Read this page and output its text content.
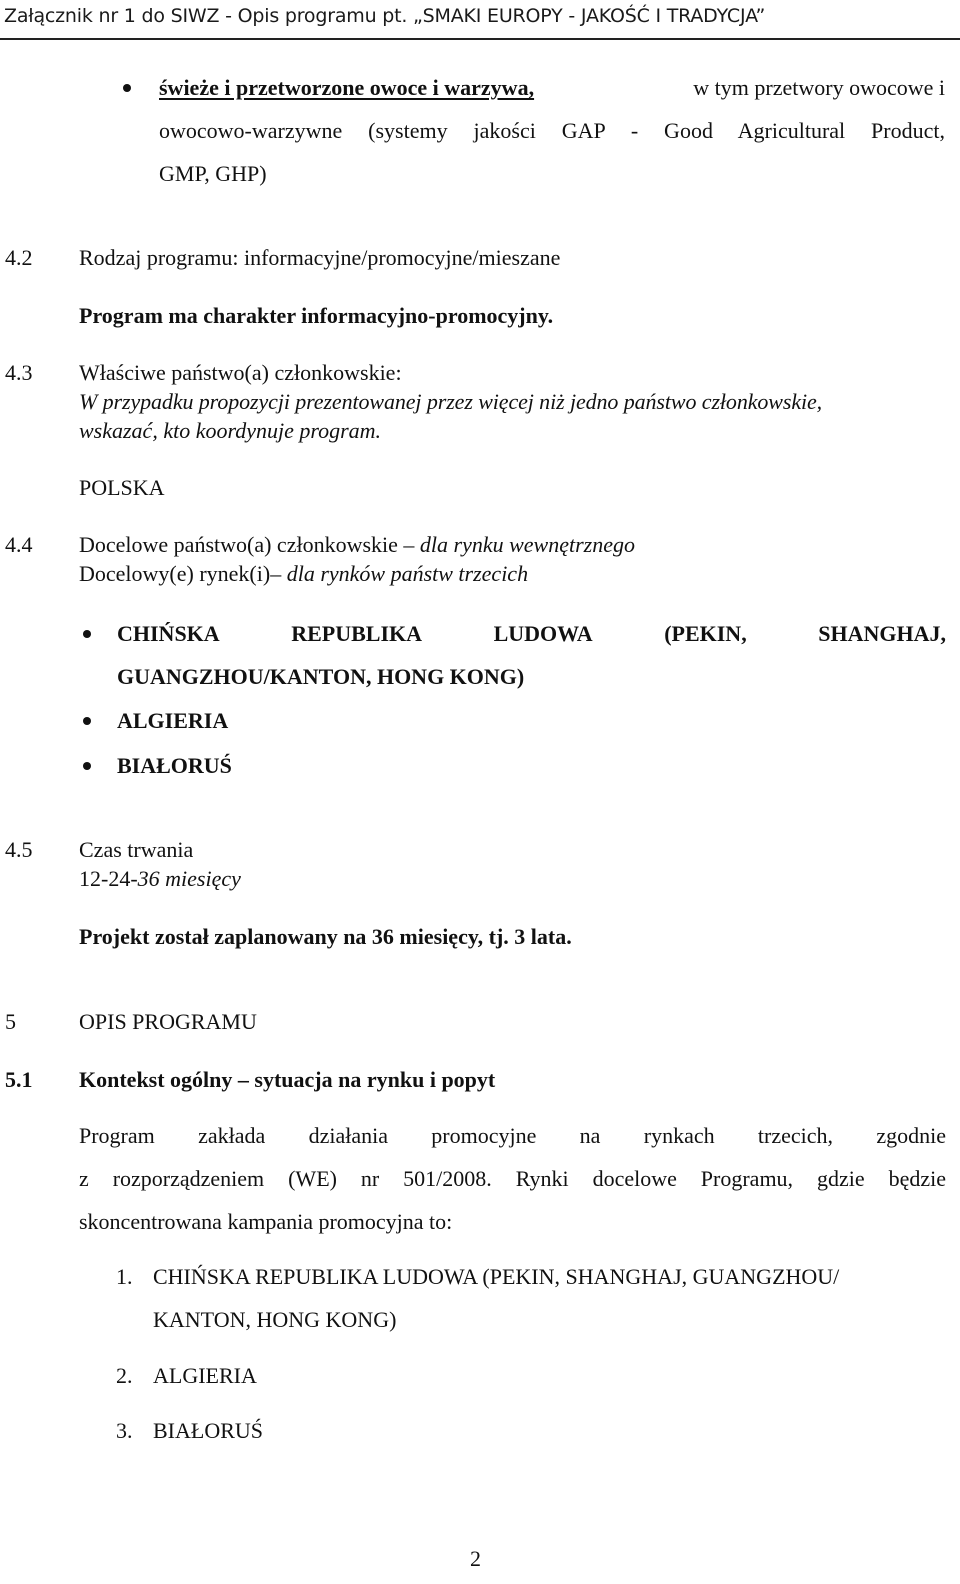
Załącznik nr 1 do SIWZ - Opis programu pt. „SMAKI EUROPY - JAKOŚĆ I TRADYCJA”
świeże i przetworzone owoce i warzywa,	w tym przetwory owocowe i
owocowo-warzywne (systemy jakości GAP - Good Agricultural Product,
GMP, GHP)
4.2 Rodzaj programu: informacyjne/promocyjne/mieszane
Program ma charakter informacyjno-promocyjny.
4.3 Właściwe państwo(a) członkowskie:
W przypadku propozycji prezentowanej przez więcej niż jedno państwo członkowskie,
wskazać, kto koordynuje program.
POLSKA
4.4 Docelowe państwo(a) członkowskie – dla rynku wewnętrznego
Docelowy(e) rynek(i)– dla rynków państw trzecich
CHIŃSKA	REPUBLIKA	LUDOWA	(PEKIN,	SHANGHAJ,
GUANGZHOU/KANTON, HONG KONG)
ALGIERIA
BIAŁORUŚ
4.5 Czas trwania
12-24-36 miesięcy
Projekt został zaplanowany na 36 miesięcy, tj. 3 lata.
5	OPIS PROGRAMU
5.1 Kontekst ogólny – sytuacja na rynku i popyt
Program zakłada działania promocyjne na rynkach trzecich, zgodnie
z rozporządzeniem (WE) nr 501/2008. Rynki docelowe Programu, gdzie będzie
skoncentrowana kampania promocyjna to:
1. CHIŃSKA REPUBLIKA LUDOWA (PEKIN, SHANGHAJ, GUANGZHOU/
KANTON, HONG KONG)
2. ALGIERIA
3. BIAŁORUŚ
2
